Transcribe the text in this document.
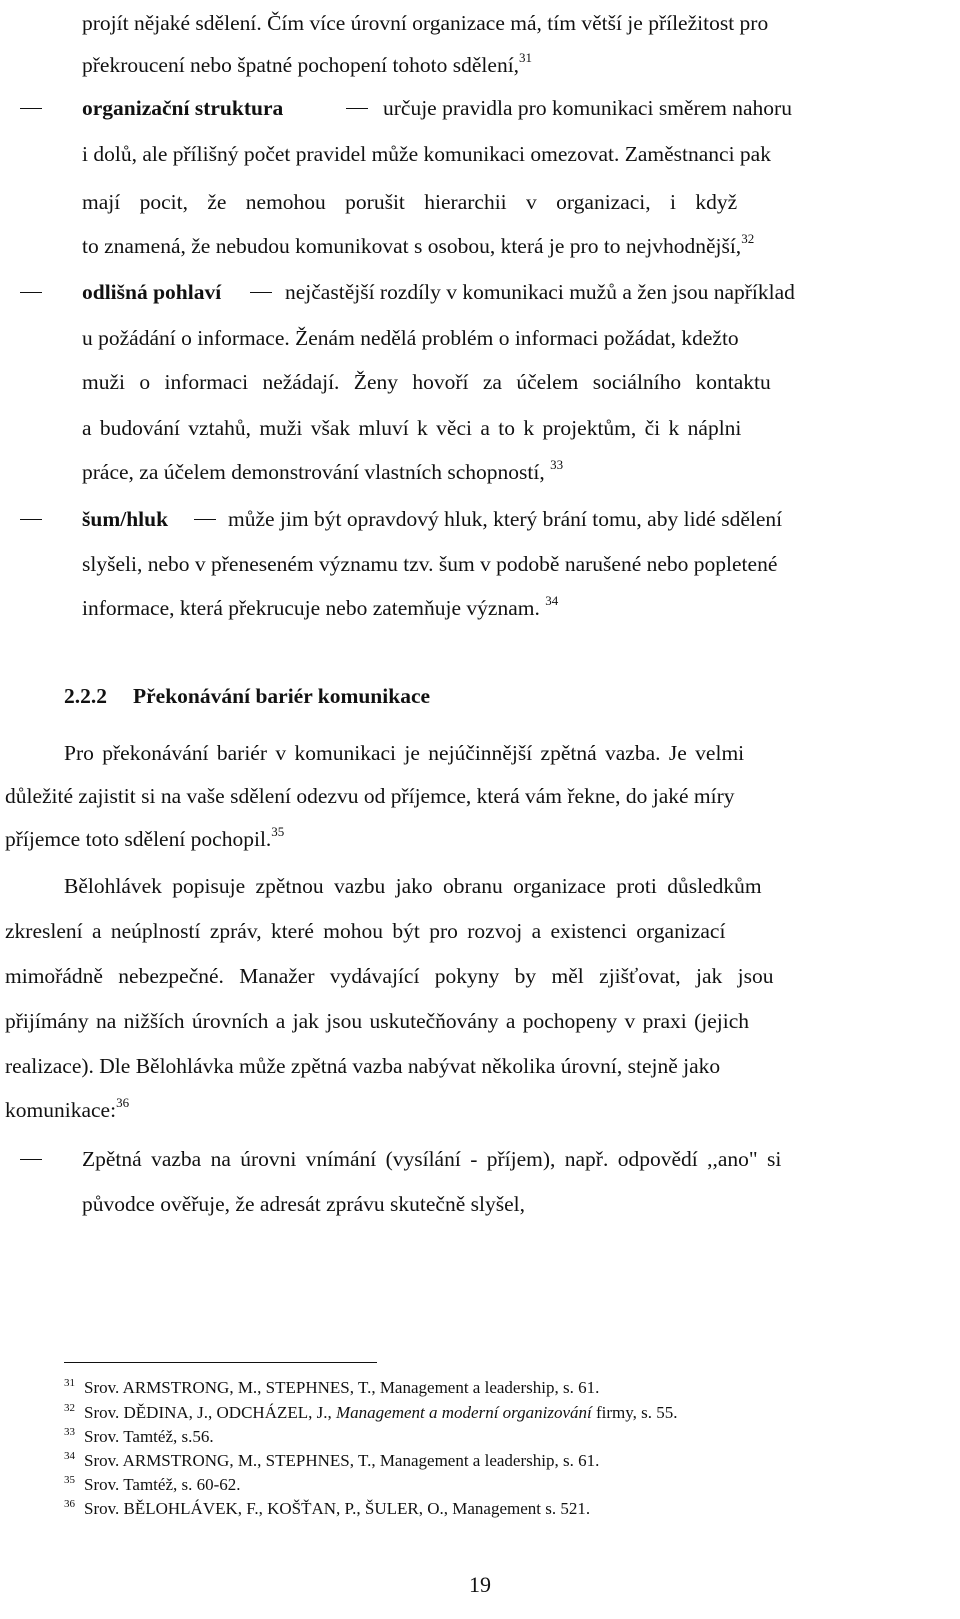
projít nějaké sdělení. Čím více úrovní organizace má, tím větší je příležitost pro
překroucení nebo špatné pochopení tohoto sdělení,$^{31}$
organizační struktura	určuje pravidla pro komunikaci směrem nahoru
i dolů, ale přílišný počet pravidel může komunikaci omezovat. Zaměstnanci pak
mají pocit, že nemohou porušit hierarchii v organizaci, i když
to znamená, že nebudou komunikovat s osobou, která je pro to nejvhodnější,$^{32}$
odlišná pohlaví	nejčastější rozdíly v komunikaci mužů a žen jsou například
u požádání o informace. Ženám nedělá problém o informaci požádat, kdežto
muži o informaci nežádají. Ženy hovoří za účelem sociálního kontaktu
a budování vztahů, muži však mluví k věci a to k projektům, či k náplni
práce, za účelem demonstrování vlastních schopností, $^{33}$
šum/hluk	může jim být opravdový hluk, který brání tomu, aby lidé sdělení
slyšeli, nebo v přeneseném významu tzv. šum v podobě narušené nebo popletené
informace, která překrucuje nebo zatemňuje význam. $^{34}$
2.2.2 Překonávání bariér komunikace
Pro překonávání bariér v komunikaci je nejúčinnější zpětná vazba. Je velmi
důležité zajistit si na vaše sdělení odezvu od příjemce, která vám řekne, do jaké míry
příjemce toto sdělení pochopil.$^{35}$
Bělohlávek popisuje zpětnou vazbu jako obranu organizace proti důsledkům
zkreslení a neúplností zpráv, které mohou být pro rozvoj a existenci organizací
mimořádně nebezpečné. Manažer vydávající pokyny by měl zjišťovat, jak jsou
přijímány na nižších úrovních a jak jsou uskutečňovány a pochopeny v praxi (jejich
realizace). Dle Bělohlávka může zpětná vazba nabývat několika úrovní, stejně jako
komunikace:$^{36}$
Zpětná vazba na úrovni vnímání (vysílání - příjem), např. odpovědí ,,ano" si
původce ověřuje, že adresát zprávu skutečně slyšel,
$^{31}$ Srov. ARMSTRONG, M., STEPHNES, T., Management a leadership, s. 61.
$^{32}$ Srov. DĚDINA, J., ODCHÁZEL, J., Management a moderní organizování firmy, s. 55.
$^{33}$ Srov. Tamtéž, s.56.
$^{34}$ Srov. ARMSTRONG, M., STEPHNES, T., Management a leadership, s. 61.
$^{35}$ Srov. Tamtéž, s. 60-62.
$^{36}$ Srov. BĚLOHLÁVEK, F., KOŠŤAN, P., ŠULER, O., Management s. 521.
19
